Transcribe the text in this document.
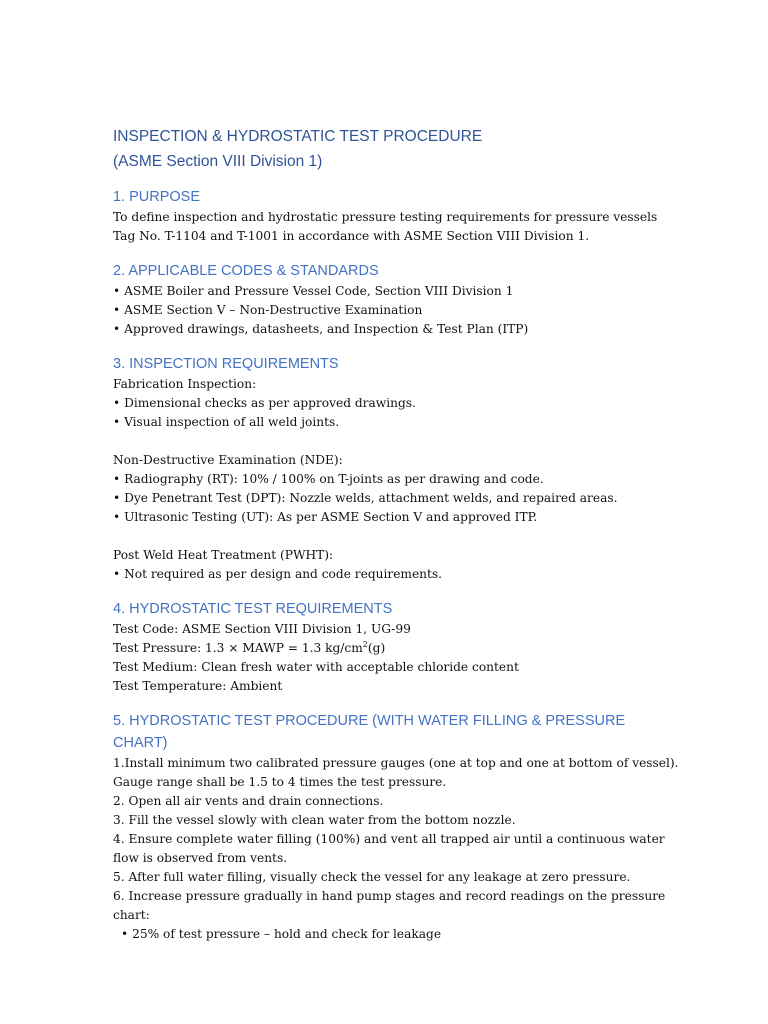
INSPECTION & HYDROSTATIC TEST PROCEDURE
(ASME Section VIII Division 1)
1. PURPOSE
To define inspection and hydrostatic pressure testing requirements for pressure vessels
Tag No. T-1104 and T-1001 in accordance with ASME Section VIII Division 1.
2. APPLICABLE CODES & STANDARDS
• ASME Boiler and Pressure Vessel Code, Section VIII Division 1
• ASME Section V – Non-Destructive Examination
• Approved drawings, datasheets, and Inspection & Test Plan (ITP)
3. INSPECTION REQUIREMENTS
Fabrication Inspection:
• Dimensional checks as per approved drawings.
• Visual inspection of all weld joints.
Non-Destructive Examination (NDE):
• Radiography (RT): 10% / 100% on T-joints as per drawing and code.
• Dye Penetrant Test (DPT): Nozzle welds, attachment welds, and repaired areas.
• Ultrasonic Testing (UT): As per ASME Section V and approved ITP.
Post Weld Heat Treatment (PWHT):
• Not required as per design and code requirements.
4. HYDROSTATIC TEST REQUIREMENTS
Test Code: ASME Section VIII Division 1, UG-99
Test Pressure: 1.3 × MAWP = 1.3 $kg/cm^2(g)$
Test Medium: Clean fresh water with acceptable chloride content
Test Temperature: Ambient
5. HYDROSTATIC TEST PROCEDURE (WITH WATER FILLING & PRESSURE CHART)
1.Install minimum two calibrated pressure gauges (one at top and one at bottom of vessel).
Gauge range shall be 1.5 to 4 times the test pressure.
2. Open all air vents and drain connections.
3. Fill the vessel slowly with clean water from the bottom nozzle.
4. Ensure complete water filling (100%) and vent all trapped air until a continuous water
flow is observed from vents.
5. After full water filling, visually check the vessel for any leakage at zero pressure.
6. Increase pressure gradually in hand pump stages and record readings on the pressure
chart:
• 25% of test pressure – hold and check for leakage
